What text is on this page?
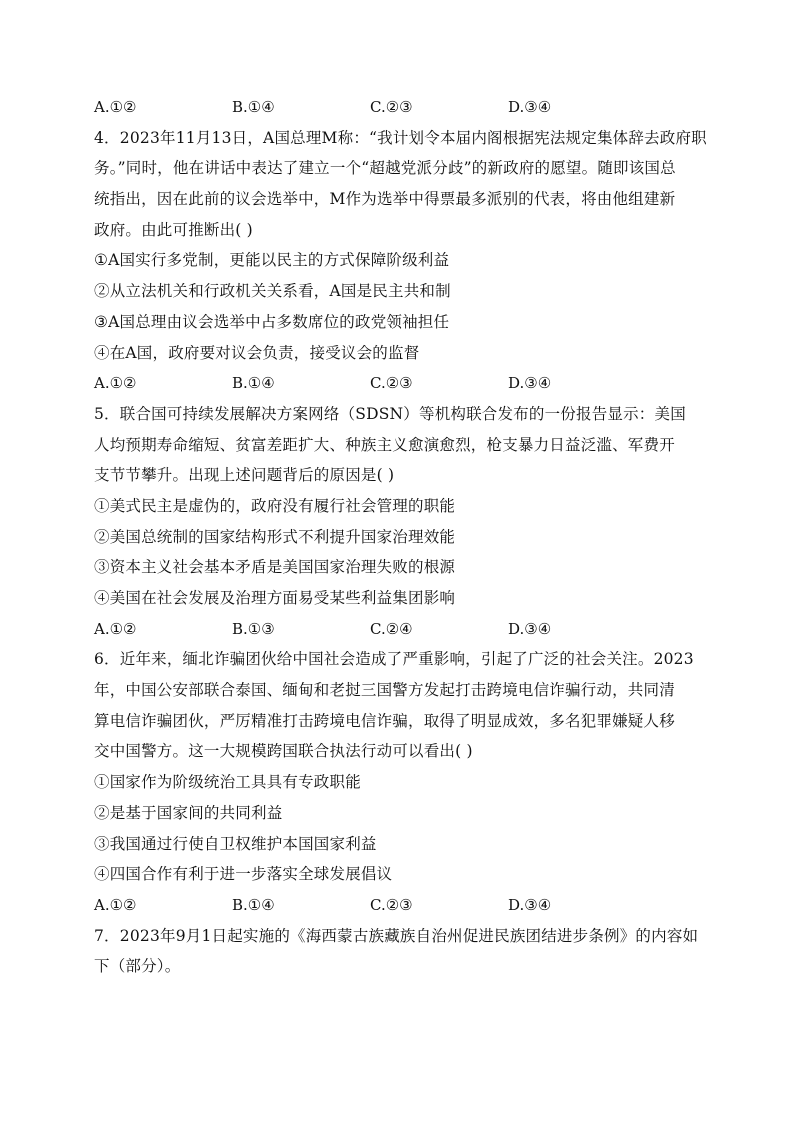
A.①②	B.①④	C.②③	D.③④
4．2023年11月13日，A国总理M称：“我计划令本届内阁根据宪法规定集体辞去政府职
务。”同时，他在讲话中表达了建立一个“超越党派分歧”的新政府的愿望。随即该国总
统指出，因在此前的议会选举中，M作为选举中得票最多派别的代表，将由他组建新
政府。由此可推断出( )
①A国实行多党制，更能以民主的方式保障阶级利益
②从立法机关和行政机关关系看，A国是民主共和制
③A国总理由议会选举中占多数席位的政党领袖担任
④在A国，政府要对议会负责，接受议会的监督
A.①②	B.①④	C.②③	D.③④
5．联合国可持续发展解决方案网络（SDSN）等机构联合发布的一份报告显示：美国
人均预期寿命缩短、贫富差距扩大、种族主义愈演愈烈，枪支暴力日益泛滥、军费开
支节节攀升。出现上述问题背后的原因是( )
①美式民主是虚伪的，政府没有履行社会管理的职能
②美国总统制的国家结构形式不利提升国家治理效能
③资本主义社会基本矛盾是美国国家治理失败的根源
④美国在社会发展及治理方面易受某些利益集团影响
A.①②	B.①③	C.②④	D.③④
6．近年来，缅北诈骗团伙给中国社会造成了严重影响，引起了广泛的社会关注。2023
年，中国公安部联合泰国、缅甸和老挝三国警方发起打击跨境电信诈骗行动，共同清
算电信诈骗团伙，严厉精准打击跨境电信诈骗，取得了明显成效，多名犯罪嫌疑人移
交中国警方。这一大规模跨国联合执法行动可以看出( )
①国家作为阶级统治工具具有专政职能
②是基于国家间的共同利益
③我国通过行使自卫权维护本国国家利益
④四国合作有利于进一步落实全球发展倡议
A.①②	B.①④	C.②③	D.③④
7．2023年9月1日起实施的《海西蒙古族藏族自治州促进民族团结进步条例》的内容如
下（部分）。
